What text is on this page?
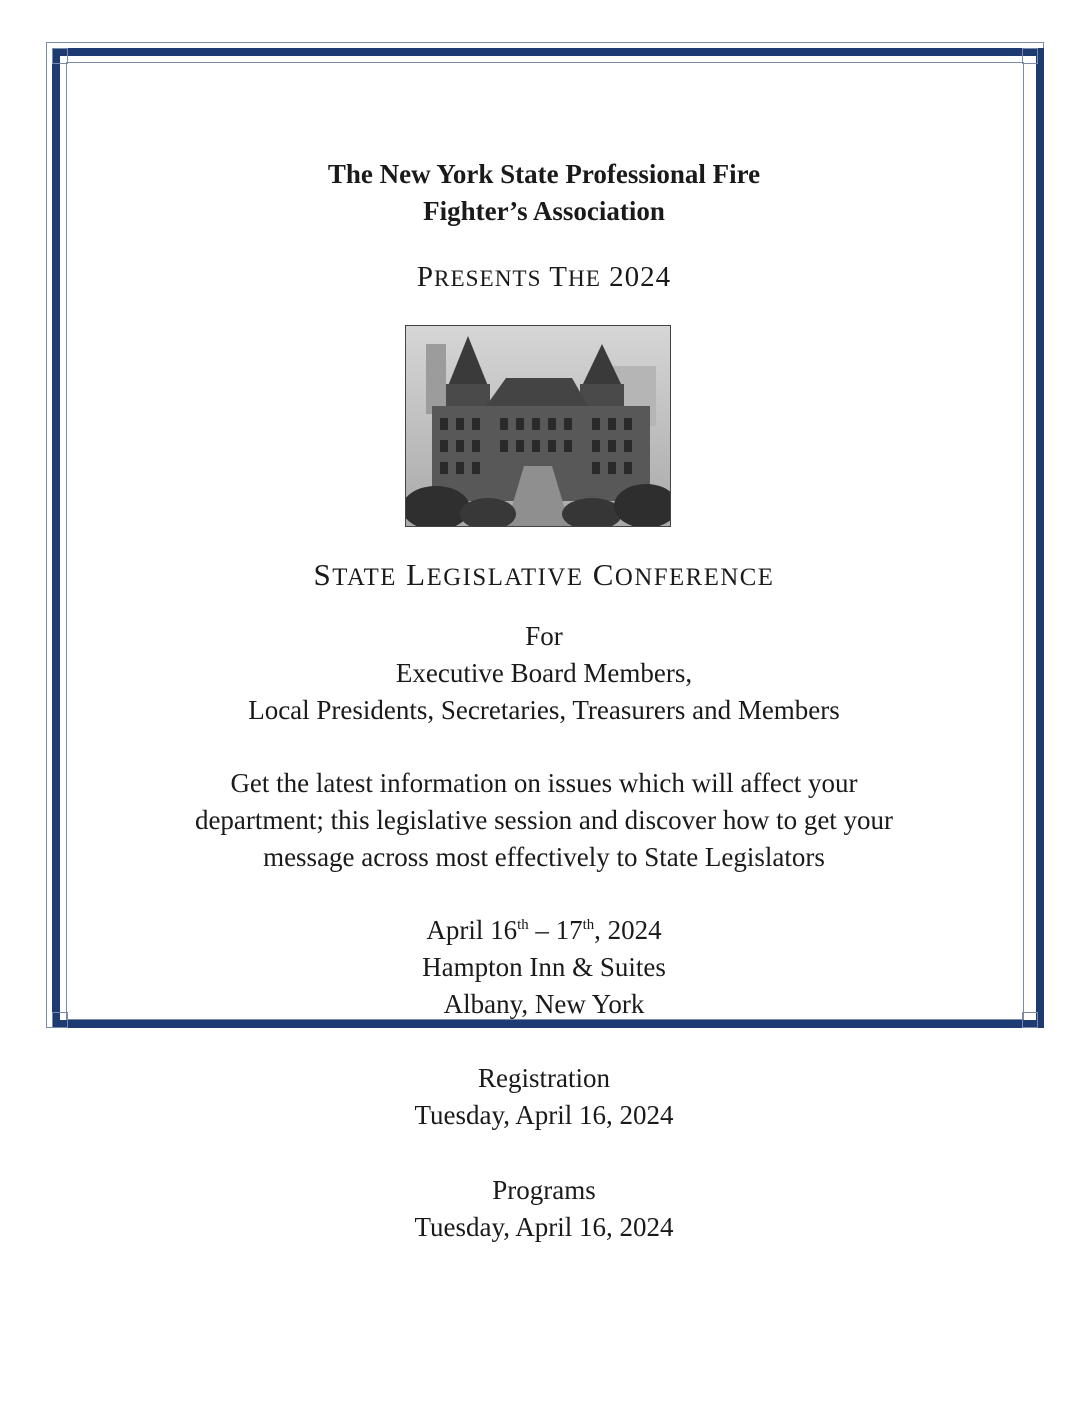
The New York State Professional Fire
Fighter’s Association
PRESENTS THE 2024
STATE LEGISLATIVE CONFERENCE
For
Executive Board Members,
Local Presidents, Secretaries, Treasurers and Members
Get the latest information on issues which will affect your
department; this legislative session and discover how to get your
message across most effectively to State Legislators
April 16th – 17th, 2024
Hampton Inn & Suites
Albany, New York
Registration
Tuesday, April 16, 2024
Programs
Tuesday, April 16, 2024
